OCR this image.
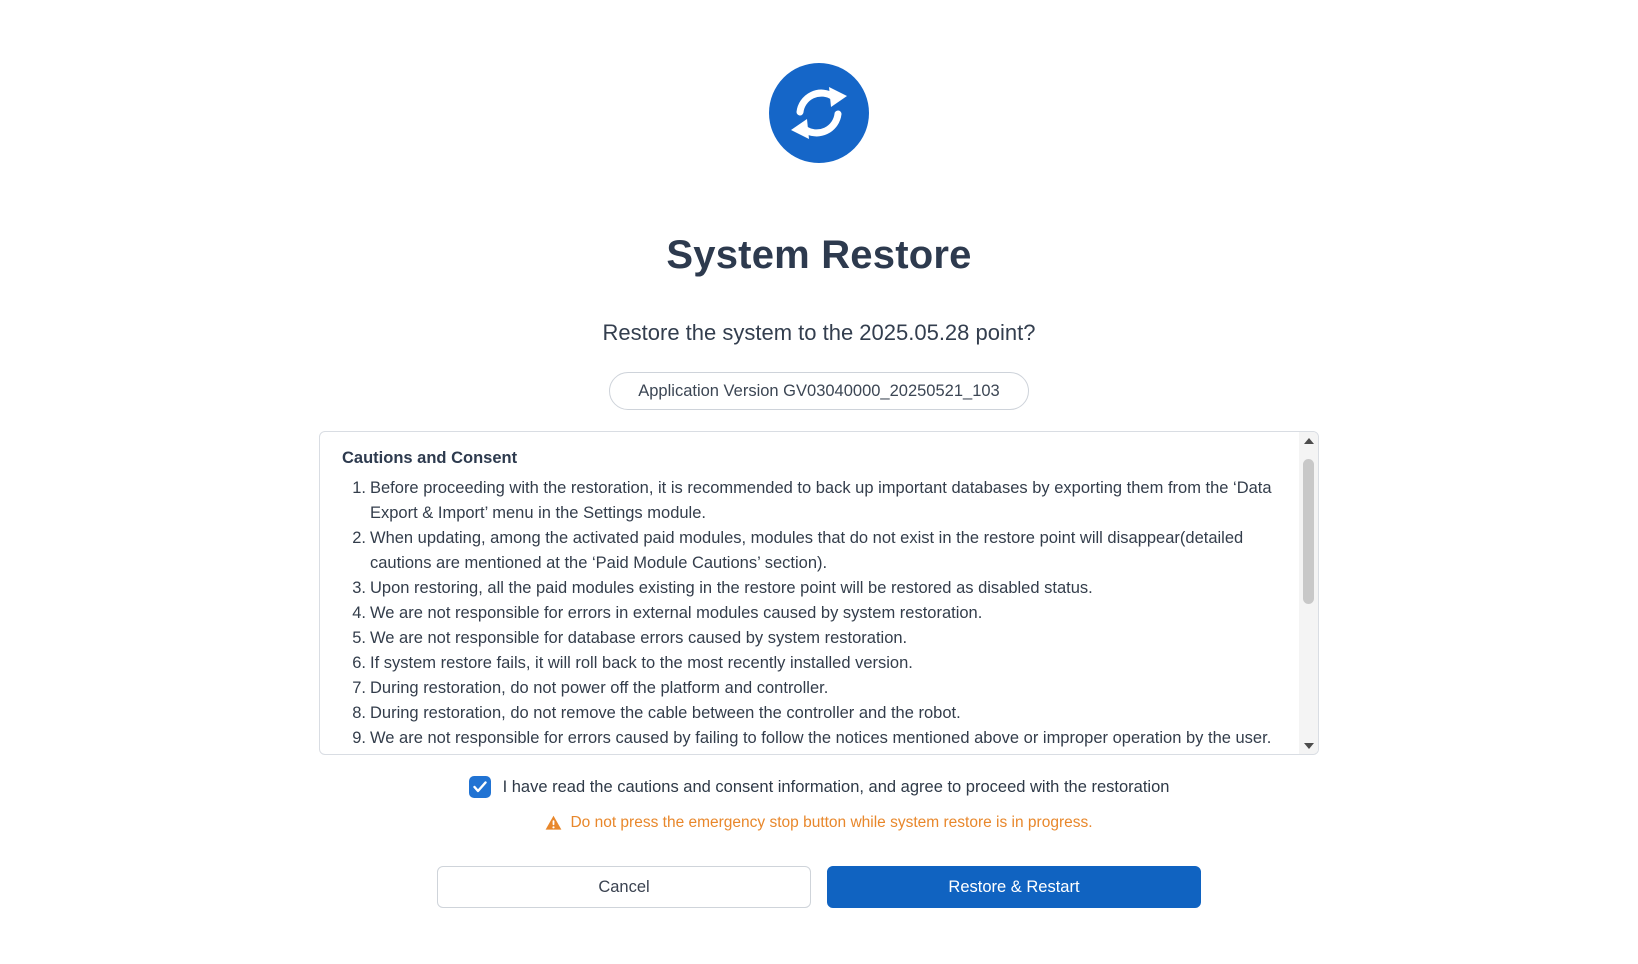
System Restore
Restore the system to the 2025.05.28 point?
Application Version GV03040000_20250521_103
Cautions and Consent
Before proceeding with the restoration, it is recommended to back up important databases by exporting them from the ‘Data Export & Import’ menu in the Settings module.
When updating, among the activated paid modules, modules that do not exist in the restore point will disappear(detailed cautions are mentioned at the ‘Paid Module Cautions’ section).
Upon restoring, all the paid modules existing in the restore point will be restored as disabled status.
We are not responsible for errors in external modules caused by system restoration.
We are not responsible for database errors caused by system restoration.
If system restore fails, it will roll back to the most recently installed version.
During restoration, do not power off the platform and controller.
During restoration, do not remove the cable between the controller and the robot.
We are not responsible for errors caused by failing to follow the notices mentioned above or improper operation by the user.
I have read the cautions and consent information, and agree to proceed with the restoration
Do not press the emergency stop button while system restore is in progress.
Cancel	Restore & Restart
